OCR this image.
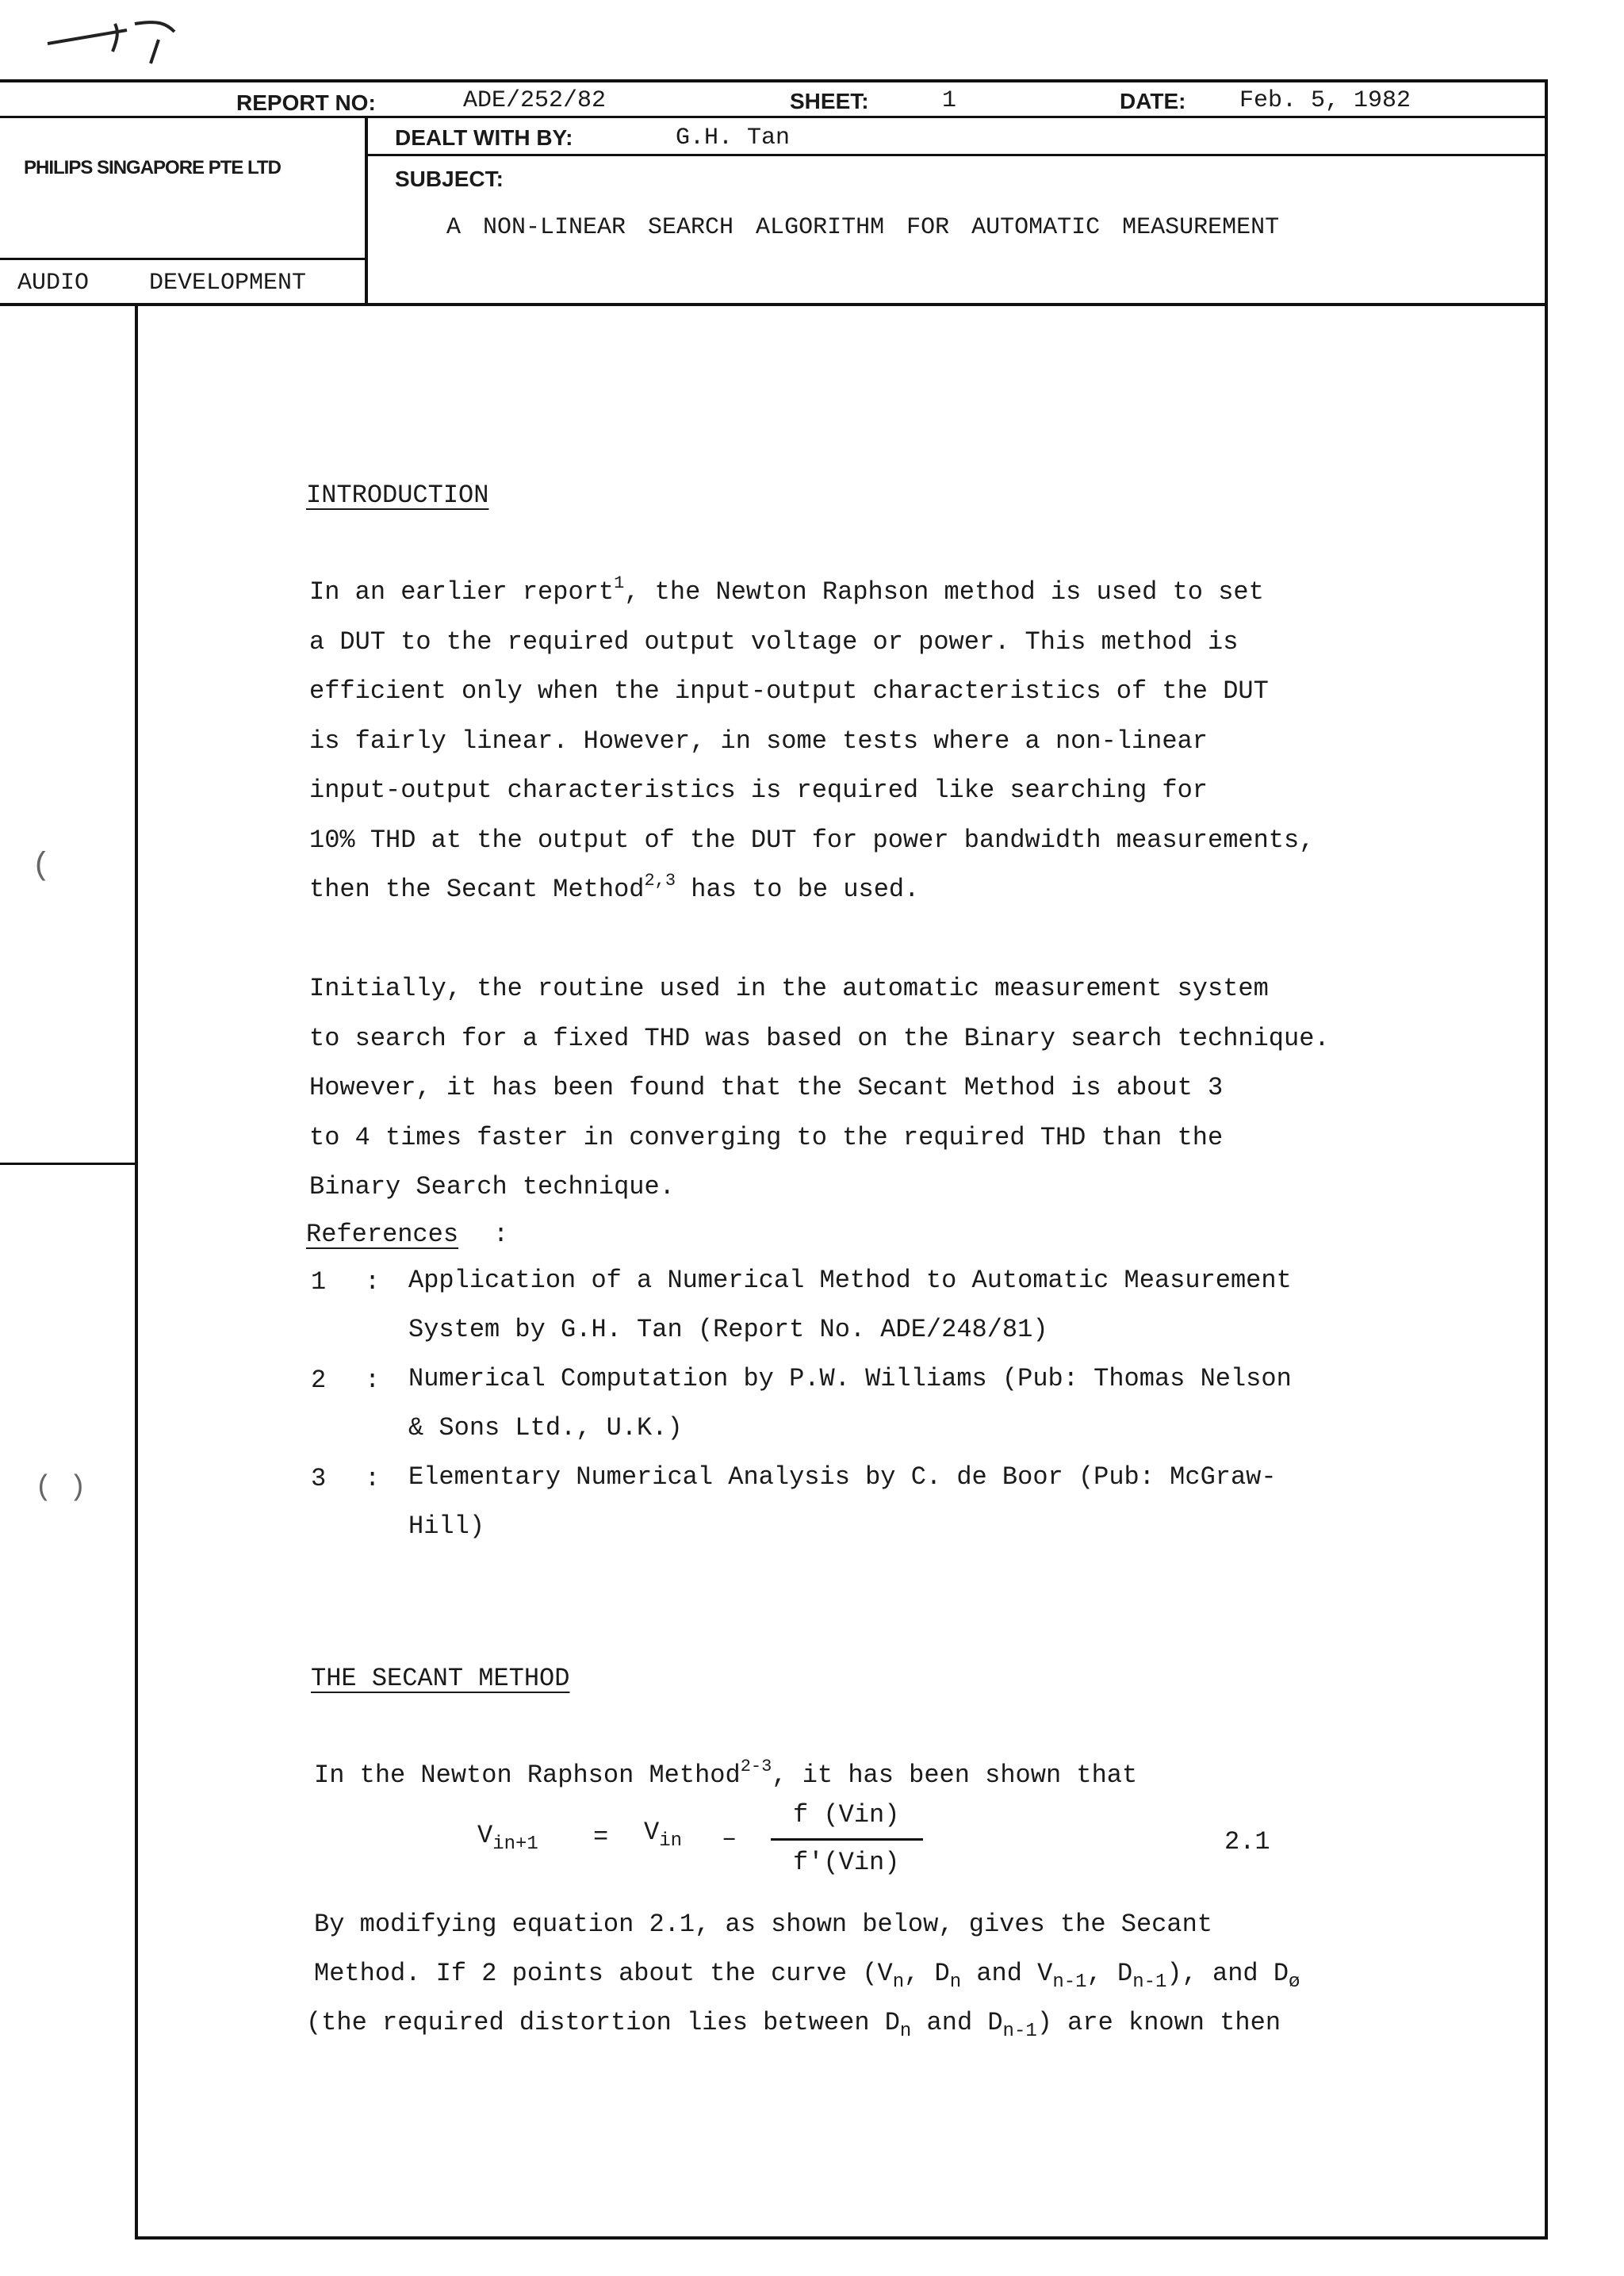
REPORT NO:	ADE/252/82	SHEET:	1	DATE: Feb. 5, 1982
PHILIPS SINGAPORE PTE LTD
DEALT WITH BY:	G.H. Tan
SUBJECT:
A NON-LINEAR SEARCH ALGORITHM FOR AUTOMATIC MEASUREMENT
AUDIO	DEVELOPMENT
(
( )
INTRODUCTION
In an earlier report$^1$, the Newton Raphson method is used to set
a DUT to the required output voltage or power. This method is
efficient only when the input-output characteristics of the DUT
is fairly linear. However, in some tests where a non-linear
input-output characteristics is required like searching for
10% THD at the output of the DUT for power bandwidth measurements,
then the Secant Method$^{2,3}$ has to be used.
Initially, the routine used in the automatic measurement system
to search for a fixed THD was based on the Binary search technique.
However, it has been found that the Secant Method is about 3
to 4 times faster in converging to the required THD than the
Binary Search technique.
References :
1 : Application of a Numerical Method to Automatic Measurement
System by G.H. Tan (Report No. ADE/248/81)
2 : Numerical Computation by P.W. Williams (Pub: Thomas Nelson
& Sons Ltd., U.K.)
3 : Elementary Numerical Analysis by C. de Boor (Pub: McGraw-
Hill)
THE SECANT METHOD
In the Newton Raphson Method$^{2-3}$, it has been shown that
$V_{in+1} = V_{in}$ –
f (Vin)
f'(Vin)
2.1
By modifying equation 2.1, as shown below, gives the Secant
Method. If 2 points about the curve ($V_n$, $D_n$ and $V_{n-1}$, $D_{n-1}$), and $D_ø$
(the required distortion lies between $D_n$ and $D_{n-1}$) are known then
